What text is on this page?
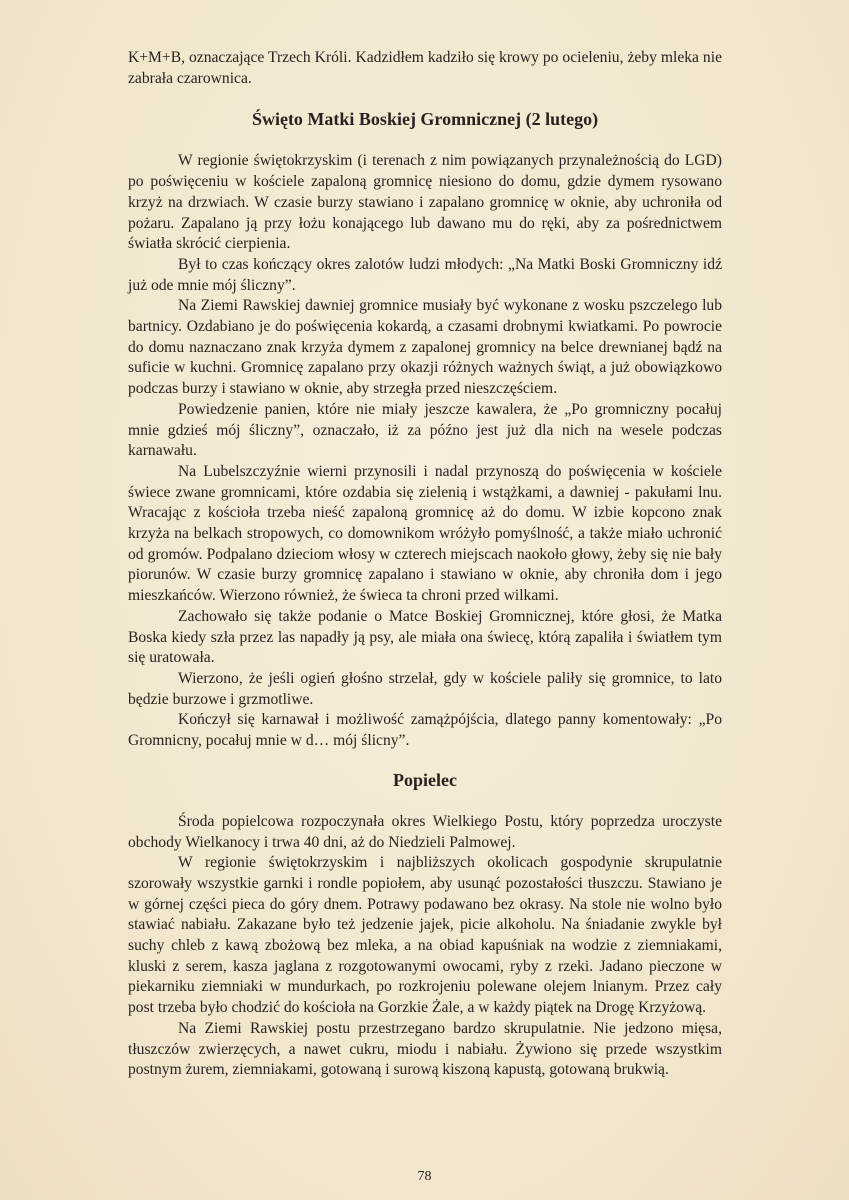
K+M+B, oznaczające Trzech Króli. Kadzidłem kadziło się krowy po ocieleniu, żeby mleka nie zabrała czarownica.

Święto Matki Boskiej Gromnicznej (2 lutego)

W regionie świętokrzyskim (i terenach z nim powiązanych przynależnością do LGD) po poświęceniu w kościele zapaloną gromnicę niesiono do domu, gdzie dymem rysowano krzyż na drzwiach. W czasie burzy stawiano i zapalano gromnicę w oknie, aby uchroniła od pożaru. Zapalano ją przy łożu konającego lub dawano mu do ręki, aby za pośrednictwem światła skrócić cierpienia.

Był to czas kończący okres zalotów ludzi młodych: „Na Matki Boski Gromniczny idź już ode mnie mój śliczny”.

Na Ziemi Rawskiej dawniej gromnice musiały być wykonane z wosku pszczelego lub bartnicy. Ozdabiano je do poświęcenia kokardą, a czasami drobnymi kwiatkami. Po powrocie do domu naznaczano znak krzyża dymem z zapalonej gromnicy na belce drewnianej bądź na suficie w kuchni. Gromnicę zapalano przy okazji różnych ważnych świąt, a już obowiązkowo podczas burzy i stawiano w oknie, aby strzegła przed nieszczęściem.

Powiedzenie panien, które nie miały jeszcze kawalera, że „Po gromniczny pocałuj mnie gdzieś mój śliczny”, oznaczało, iż za późno jest już dla nich na wesele podczas karnawału.

Na Lubelszczyźnie wierni przynosili i nadal przynoszą do poświęcenia w kościele świece zwane gromnicami, które ozdabia się zielenią i wstążkami, a dawniej - pakułami lnu. Wracając z kościoła trzeba nieść zapaloną gromnicę aż do domu. W izbie kopcono znak krzyża na belkach stropowych, co domownikom wróżyło pomyślność, a także miało uchronić od gromów. Podpalano dzieciom włosy w czterech miejscach naokoło głowy, żeby się nie bały piorunów. W czasie burzy gromnicę zapalano i stawiano w oknie, aby chroniła dom i jego mieszkańców. Wierzono również, że świeca ta chroni przed wilkami.

Zachowało się także podanie o Matce Boskiej Gromnicznej, które głosi, że Matka Boska kiedy szła przez las napadły ją psy, ale miała ona świecę, którą zapaliła i światłem tym się uratowała.

Wierzono, że jeśli ogień głośno strzelał, gdy w kościele paliły się gromnice, to lato będzie burzowe i grzmotliwe.

Kończył się karnawał i możliwość zamążpójścia, dlatego panny komentowały: „Po Gromnicny, pocałuj mnie w d… mój ślicny”.

Popielec

Środa popielcowa rozpoczynała okres Wielkiego Postu, który poprzedza uroczyste obchody Wielkanocy i trwa 40 dni, aż do Niedzieli Palmowej.

W regionie świętokrzyskim i najbliższych okolicach gospodynie skrupulatnie szorowały wszystkie garnki i rondle popiołem, aby usunąć pozostałości tłuszczu. Stawiano je w górnej części pieca do góry dnem. Potrawy podawano bez okrasy. Na stole nie wolno było stawiać nabiału. Zakazane było też jedzenie jajek, picie alkoholu. Na śniadanie zwykle był suchy chleb z kawą zbożową bez mleka, a na obiad kapuśniak na wodzie z ziemniakami, kluski z serem, kasza jaglana z rozgotowanymi owocami, ryby z rzeki. Jadano pieczone w piekarniku ziemniaki w mundurkach, po rozkrojeniu polewane olejem lnianym. Przez cały post trzeba było chodzić do kościoła na Gorzkie Żale, a w każdy piątek na Drogę Krzyżową.

Na Ziemi Rawskiej postu przestrzegano bardzo skrupulatnie. Nie jedzono mięsa, tłuszczów zwierzęcych, a nawet cukru, miodu i nabiału. Żywiono się przede wszystkim postnym żurem, ziemniakami, gotowaną i surową kiszoną kapustą, gotowaną brukwią.

78
